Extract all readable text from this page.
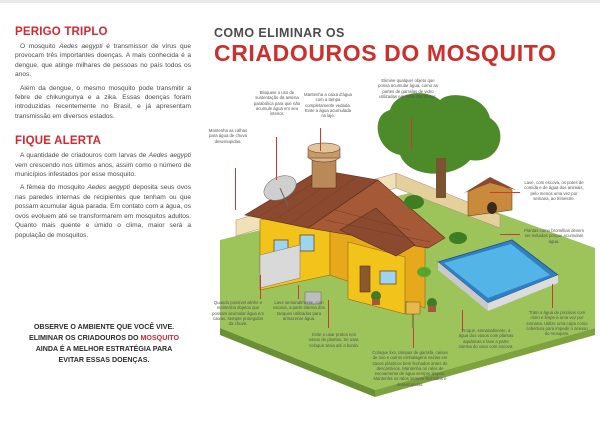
PERIGO TRIPLO

O mosquito Aedes aegypti é transmissor de vírus que provocam três importantes doenças. A mais conhecida é a dengue, que atinge milhares de pessoas no país todos os anos.

Além da dengue, o mesmo mosquito pode transmitir a febre de chikungunya e a zika. Essas doenças foram introduzidas recentemente no Brasil, e já apresentam transmissão em diversos estados.

FIQUE ALERTA

A quantidade de criadouros com larvas de Aedes aegypti vem crescendo nos últimos anos, assim como o número de municípios infestados por esse mosquito.

A fêmea do mosquito Aedes aegypti deposita seus ovos nas paredes internas de recipientes que tenham ou que possam acumular água parada. Em contato com a água, os ovos evoluem até se transformarem em mosquitos adultos. Quanto mais quente e úmido o clima, maior será a população de mosquitos.

OBSERVE O AMBIENTE QUE VOCÊ VIVE.
ELIMINAR OS CRIADOUROS DO MOSQUITO
AINDA É A MELHOR ESTRATÉGIA PARA
EVITAR ESSAS DOENÇAS.
COMO ELIMINAR OS
CRIADOUROS DO MOSQUITO
Mantenha as calhas para água de chuva desentupidas.
Bloqueie o uso de sustentação da antena parabólica para que não acumule água em seu interior.
Mantenha a caixa d'água com a tampa completamente vedada. Evite a água acumulada na laje.
Elimine qualquer objeto que possa acumular água, como as partes de garrafas de vidro utilizadas em cima dos muros.
Lave, com escova, os potes de comida e de água dos animais, pelo menos uma vez por semana, ao trimestre.
Plantas como bromélias devem ser evitadas porque acumulam água.
Quando possível alinhe e mantenha objetos que possam acumular água em caixas, sempre protegidos da chuva.
Lave semanalmente, com escova, a parte interna dos tanques utilizados para armazenar água.
Evite o usar pratos nos vasos de plantas. Se usar, coloque areia até a borda.
Coloque lixo, tampas de garrafa, caixas de ovo e outros embalagens vazias em sacos plásticos bem fechados antes de descartá-los. Mantenha os ralos de escoamento de água sempre limpos. Mantenha os ralos sempre fechados e desentupidos.
Troque, semanalmente, a água dos vasos com plantas aquáticas e lave a parte interna do vaso com escova.
Trate a água de piscinas com cloro e limpe-a uma vez por semana. Utilize uma capa como cobertura para impedir o acesso do mosquito.
